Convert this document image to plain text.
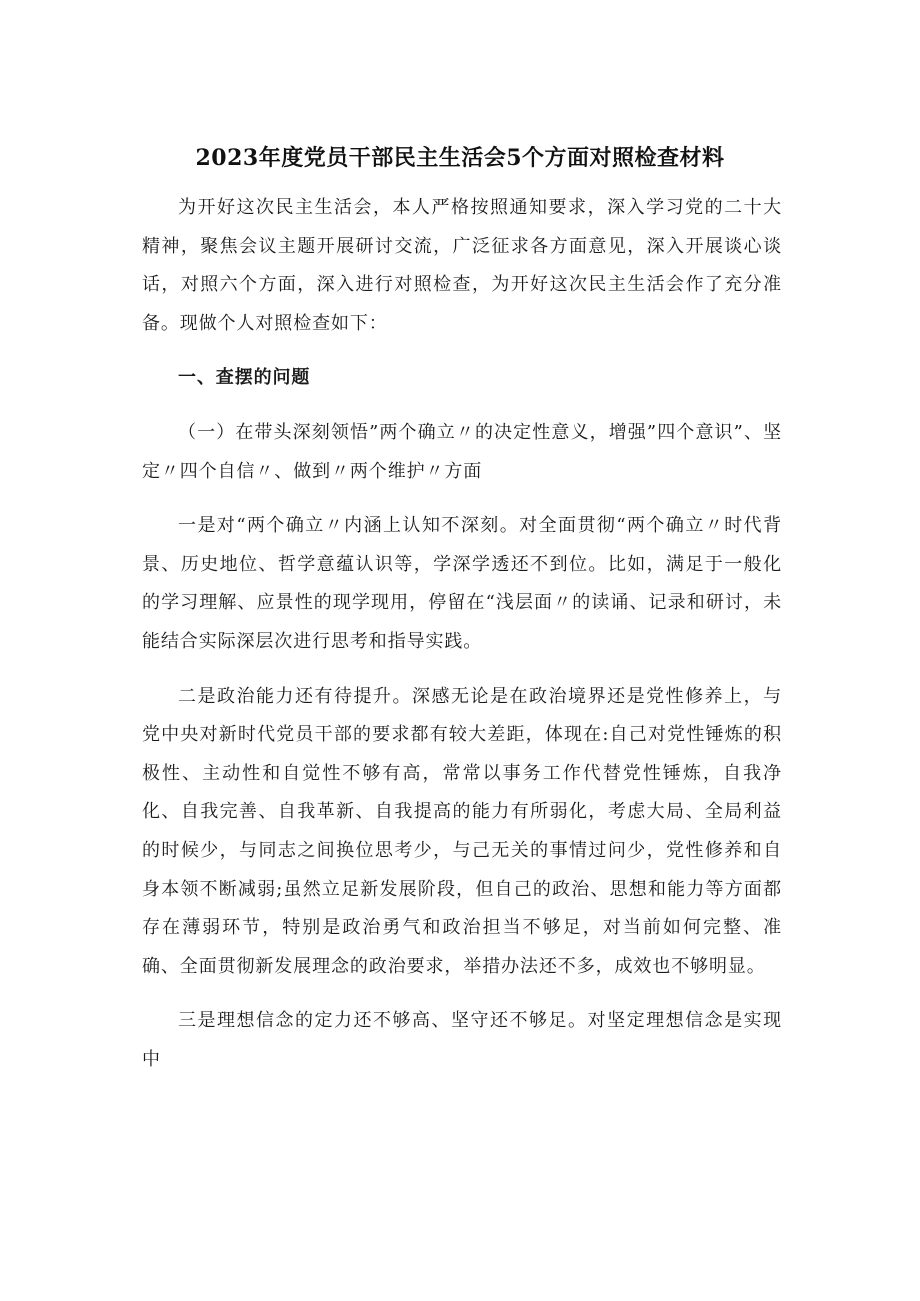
2023年度党员干部民主生活会5个方面对照检查材料

为开好这次民主生活会，本人严格按照通知要求，深入学习党的二十大精神，聚焦会议主题开展研讨交流，广泛征求各方面意见，深入开展谈心谈话，对照六个方面，深入进行对照检查，为开好这次民主生活会作了充分准备。现做个人对照检查如下：

一、查摆的问题

（一）在带头深刻领悟”两个确立〃的决定性意义，增强”四个意识”、坚定〃四个自信〃、做到〃两个维护〃方面

一是对“两个确立〃内涵上认知不深刻。对全面贯彻“两个确立〃时代背景、历史地位、哲学意蕴认识等，学深学透还不到位。比如，满足于一般化的学习理解、应景性的现学现用，停留在“浅层面〃的读诵、记录和研讨，未能结合实际深层次进行思考和指导实践。

二是政治能力还有待提升。深感无论是在政治境界还是党性修养上，与党中央对新时代党员干部的要求都有较大差距，体现在:自己对党性锤炼的积极性、主动性和自觉性不够有高，常常以事务工作代替党性锤炼，自我净化、自我完善、自我革新、自我提高的能力有所弱化，考虑大局、全局利益的时候少，与同志之间换位思考少，与己无关的事情过问少，党性修养和自身本领不断减弱;虽然立足新发展阶段，但自己的政治、思想和能力等方面都存在薄弱环节，特别是政治勇气和政治担当不够足，对当前如何完整、准确、全面贯彻新发展理念的政治要求，举措办法还不多，成效也不够明显。

三是理想信念的定力还不够高、坚守还不够足。对坚定理想信念是实现中
